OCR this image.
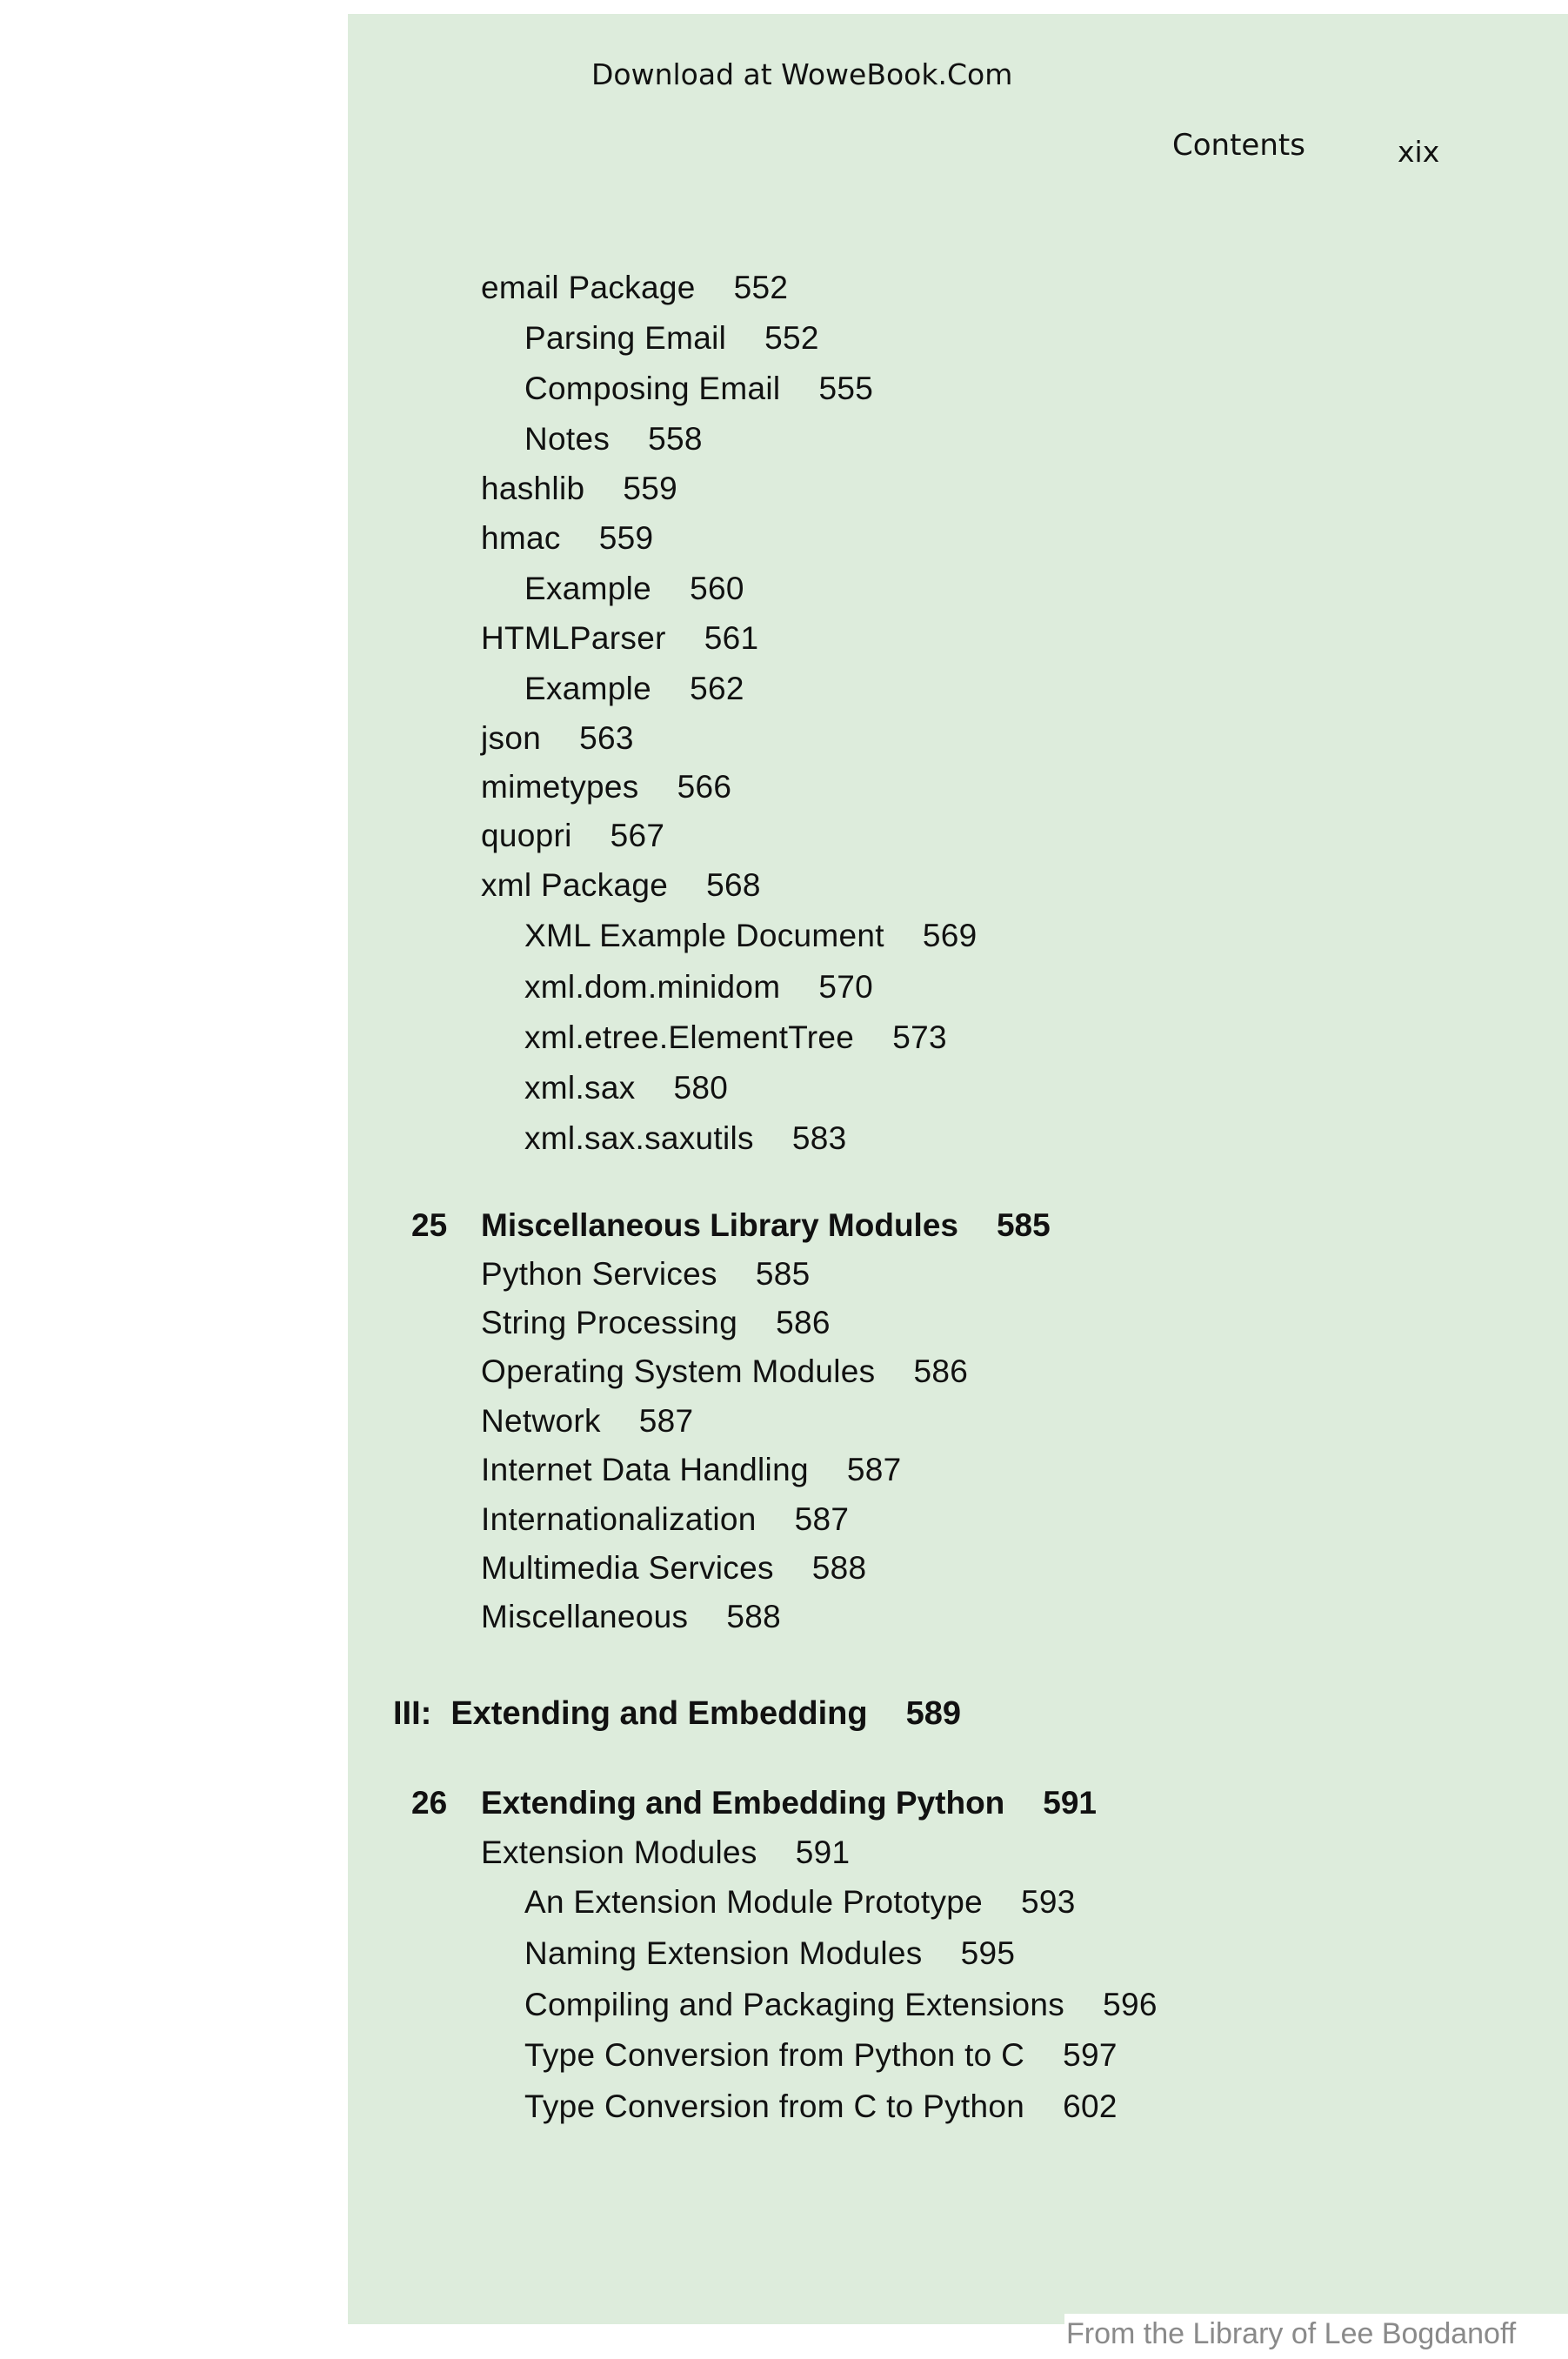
Download at WoweBook.Com
Contents	xix
email Package 552
Parsing Email 552
Composing Email 555
Notes 558
hashlib 559
hmac 559
Example 560
HTMLParser 561
Example 562
json 563
mimetypes 566
quopri 567
xml Package 568
XML Example Document 569
xml.dom.minidom 570
xml.etree.ElementTree 573
xml.sax 580
xml.sax.saxutils 583
25 Miscellaneous Library Modules 585
Python Services 585
String Processing 586
Operating System Modules 586
Network 587
Internet Data Handling 587
Internationalization 587
Multimedia Services 588
Miscellaneous 588
III: Extending and Embedding 589
26 Extending and Embedding Python 591
Extension Modules 591
An Extension Module Prototype 593
Naming Extension Modules 595
Compiling and Packaging Extensions 596
Type Conversion from Python to C 597
Type Conversion from C to Python 602
From the Library of Lee Bogdanoff
